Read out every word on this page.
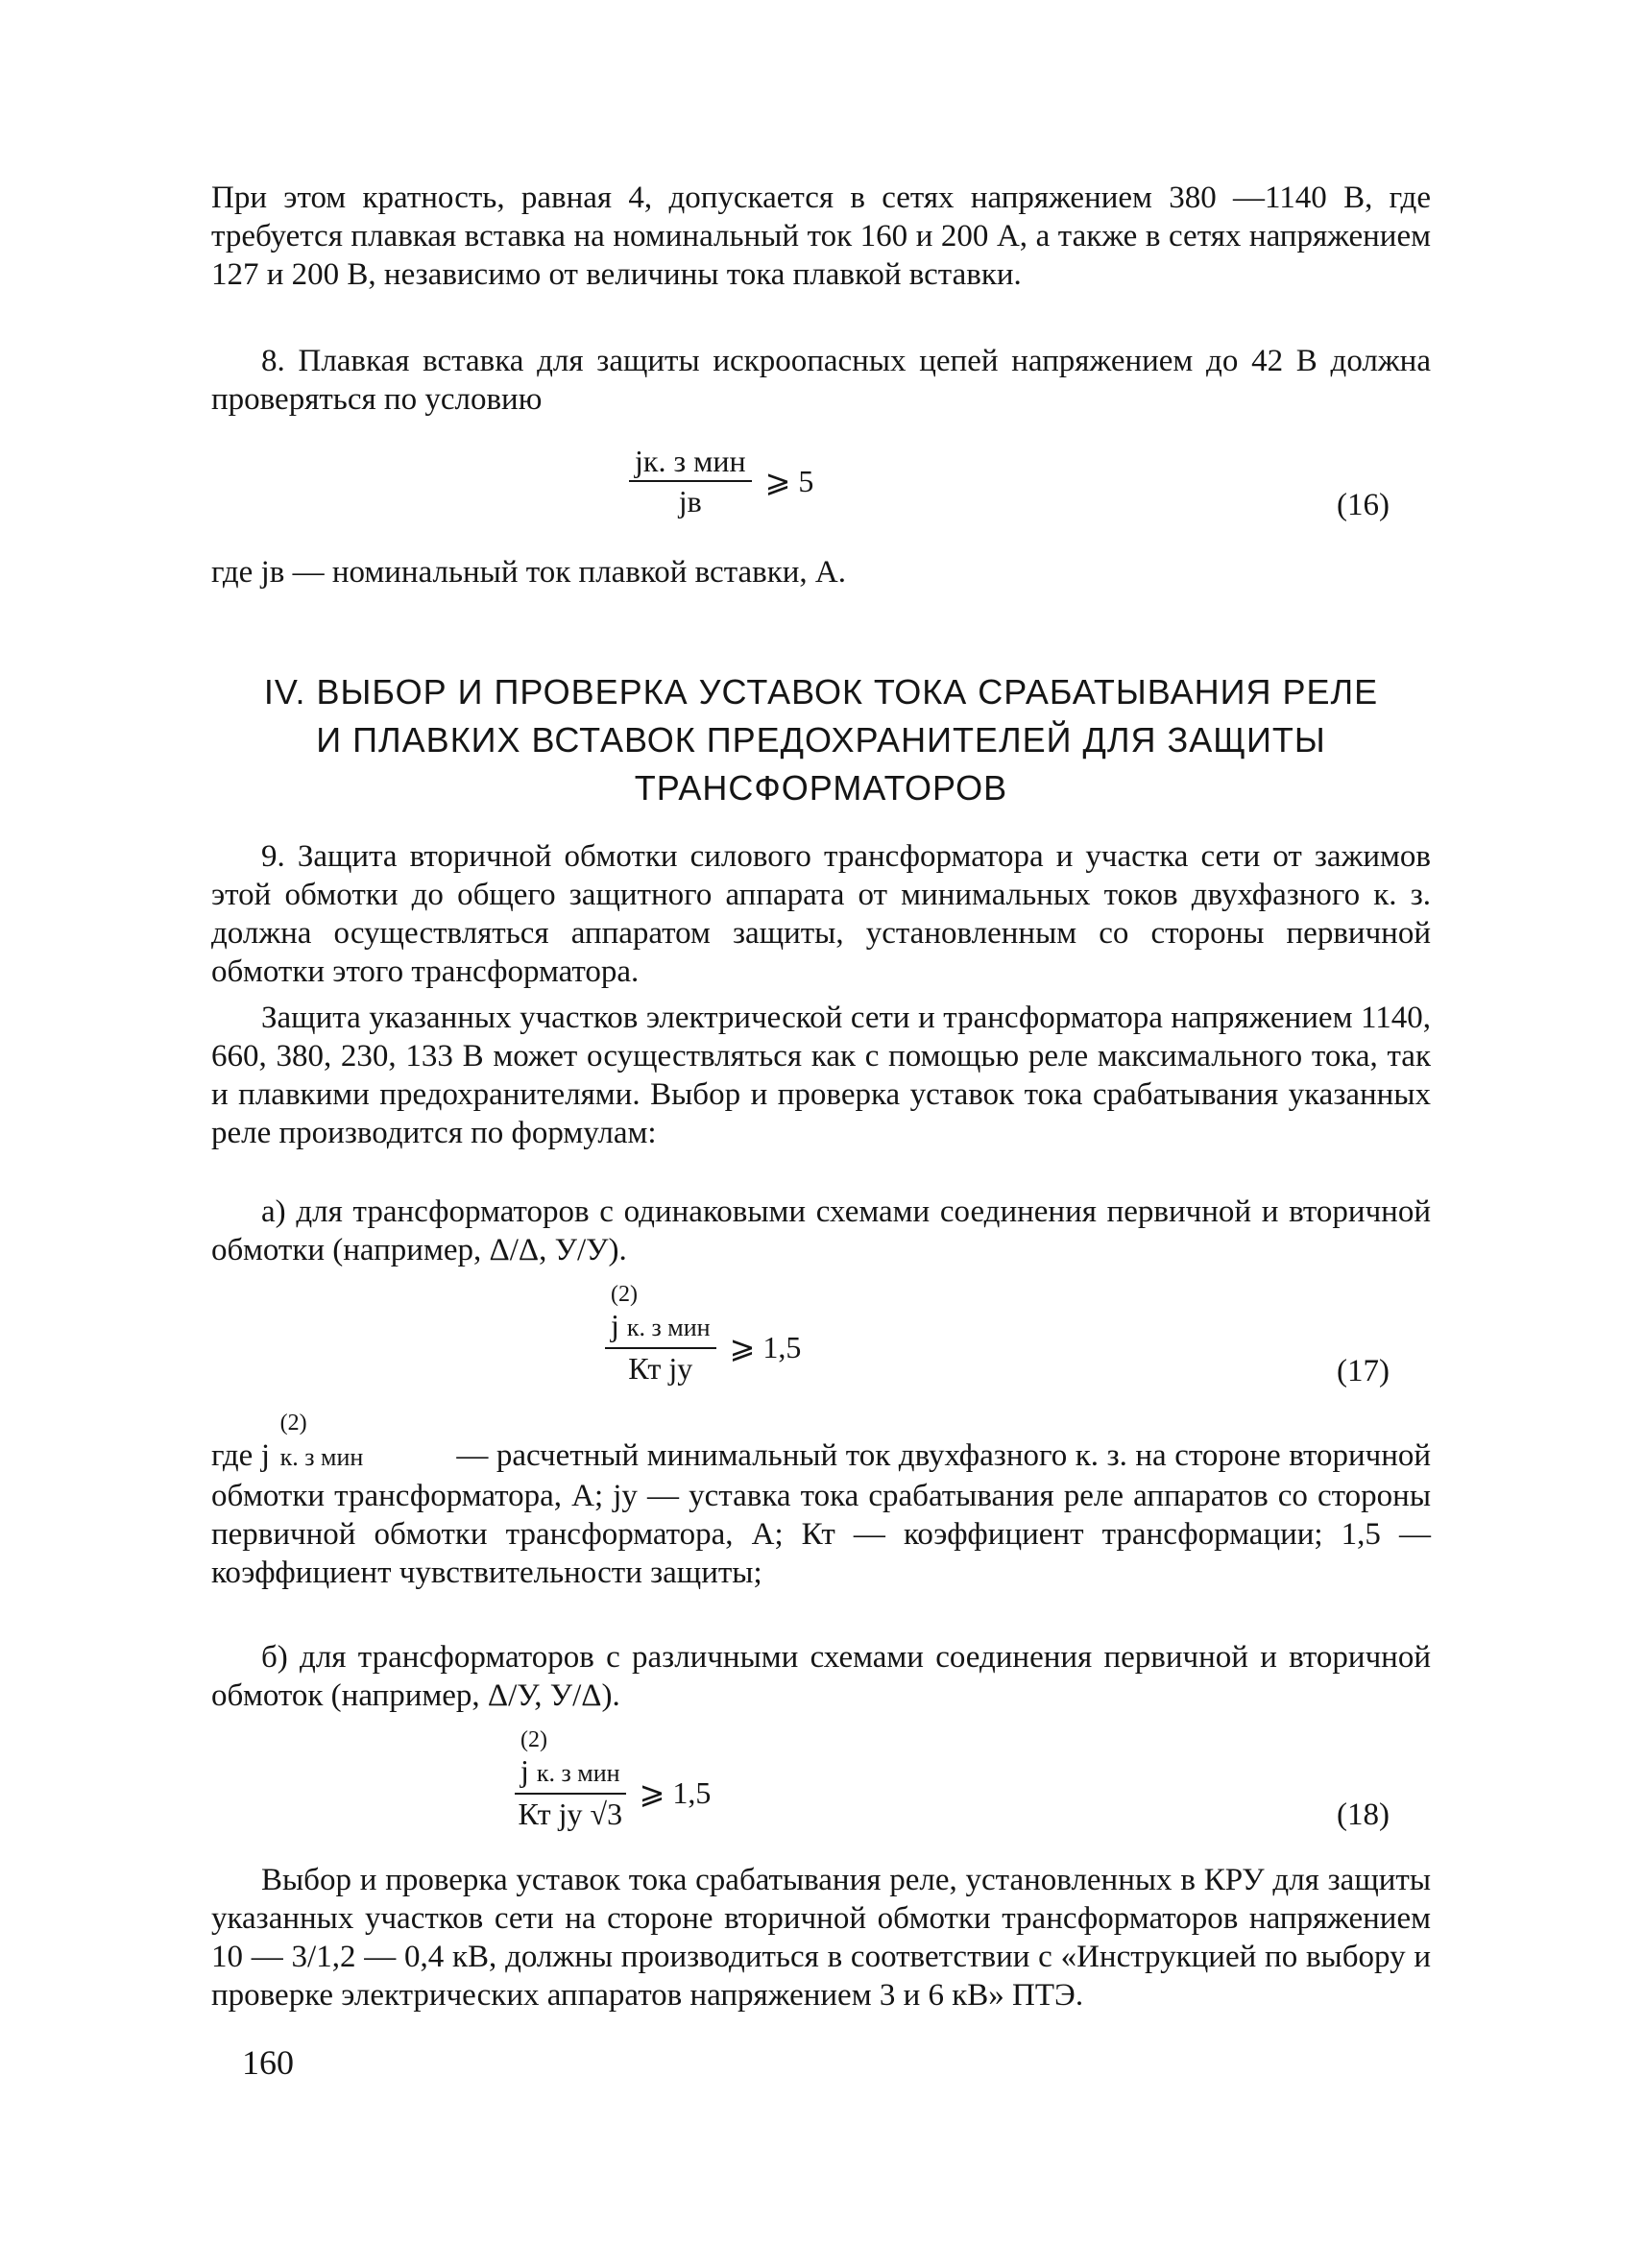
При этом кратность, равная 4, допускается в сетях напряжением 380 —1140 В, где требуется плавкая вставка на номинальный ток 160 и 200 А, а также в сетях напряжением 127 и 200 В, независимо от величины тока плавкой вставки.

8. Плавкая вставка для защиты искроопасных цепей напряжением до 42 В должна проверяться по условию

$\frac{\text{jк. з мин}}{jв}$ ⩾ 5
(16)

где jв — номинальный ток плавкой вставки, А.

IV. ВЫБОР И ПРОВЕРКА УСТАВОК ТОКА СРАБАТЫВАНИЯ РЕЛЕ
И ПЛАВКИХ ВСТАВОК ПРЕДОХРАНИТЕЛЕЙ ДЛЯ ЗАЩИТЫ
ТРАНСФОРМАТОРОВ

9. Защита вторичной обмотки силового трансформатора и участка сети от зажимов этой обмотки до общего защитного аппарата от минимальных токов двухфазного к. з. должна осуществляться аппаратом защиты, установленным со стороны первичной обмотки этого трансформатора.

Защита указанных участков электрической сети и трансформатора напряжением 1140, 660, 380, 230, 133 В может осуществляться как с помощью реле максимального тока, так и плавкими предохранителями. Выбор и проверка уставок тока срабатывания указанных реле производится по формулам:

а) для трансформаторов с одинаковыми схемами соединения первичной и вторичной обмотки (например, Δ/Δ, У/У).

(2)
j к. з мин
Кт jу ⩾ 1,5
(17)

где j
(2)
к. з мин	— расчетный минимальный ток двухфазного к. з. на стороне вторичной обмотки трансформатора, А; jу — уставка тока срабатывания реле аппаратов со стороны первичной обмотки трансформатора, А; Кт — коэффициент трансформации; 1,5 — коэффициент чувствительности защиты;

б) для трансформаторов с различными схемами соединения первичной и вторичной обмоток (например, Δ/У, У/Δ).

(2)
j к. з мин
Кт jу √3 ⩾ 1,5
(18)

Выбор и проверка уставок тока срабатывания реле, установленных в КРУ для защиты указанных участков сети на стороне вторичной обмотки трансформаторов напряжением 10 — 3/1,2 — 0,4 кВ, должны производиться в соответствии с «Инструкцией по выбору и проверке электрических аппаратов напряжением 3 и 6 кВ» ПТЭ.

160
